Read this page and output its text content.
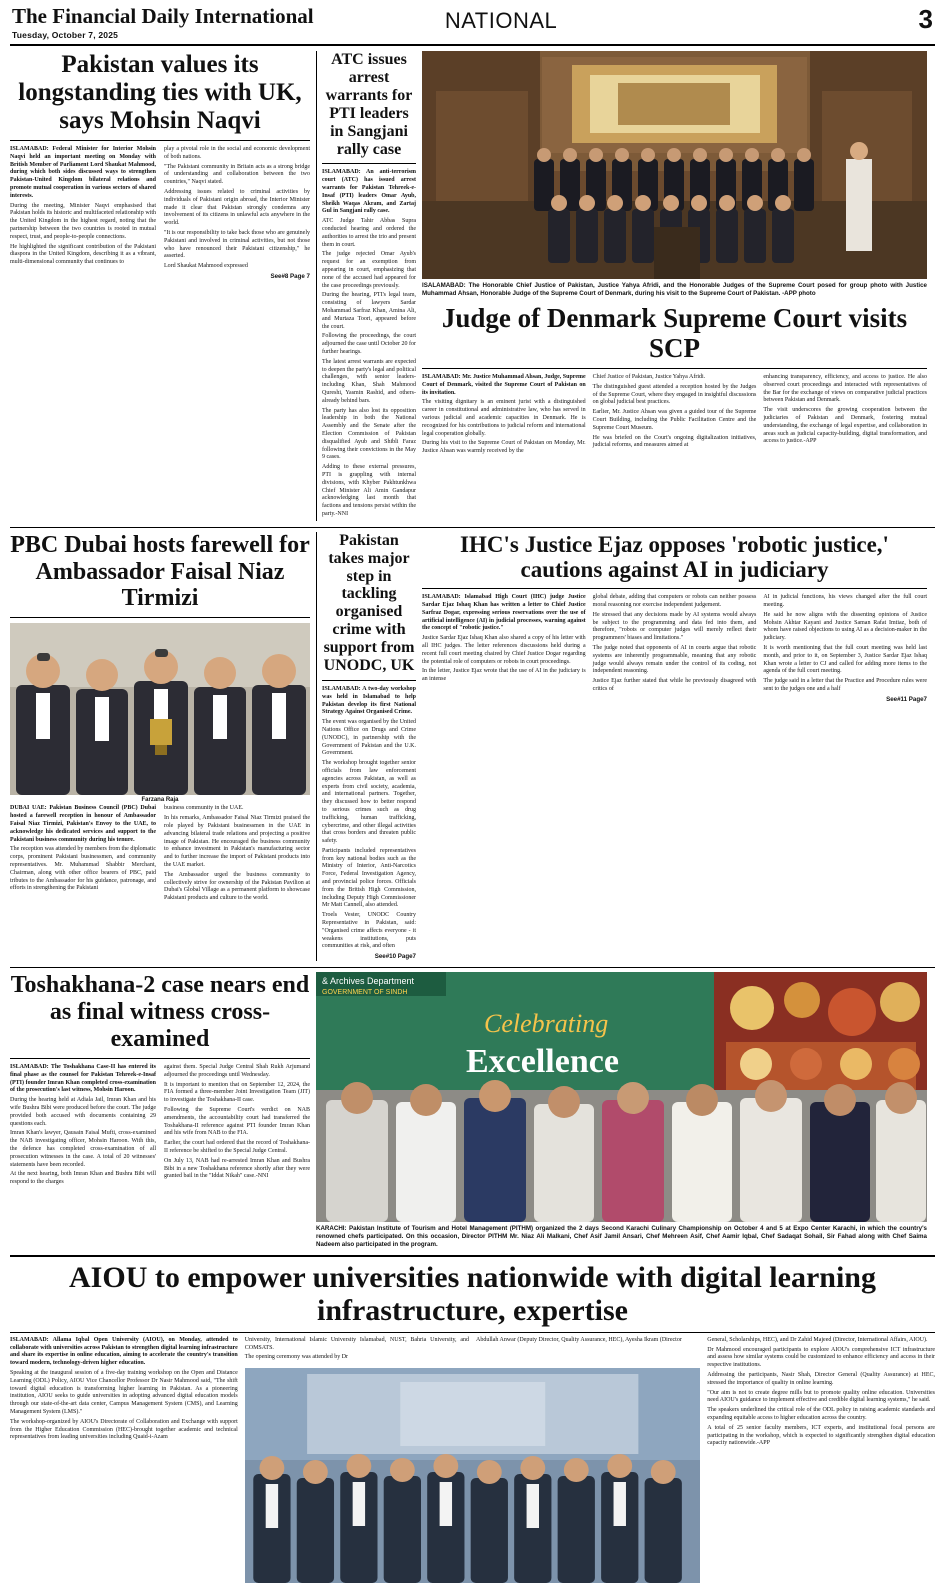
The Financial Daily International
Tuesday, October 7, 2025
NATIONAL	3
Pakistan values its longstanding ties with UK, says Mohsin Naqvi

ISLAMABAD: Federal Minister for Interior Mohsin Naqvi held an important meeting on Monday with British Member of Parliament Lord Shaukat Mahmood, during which both sides discussed ways to strengthen Pakistan-United Kingdom bilateral relations and promote mutual cooperation in various sectors of shared interests.

During the meeting, Minister Naqvi emphasised that Pakistan holds its historic and multifaceted relationship with the United Kingdom in the highest regard, noting that the partnership between the two countries is rooted in mutual respect, trust, and people-to-people connections.

He highlighted the significant contribution of the Pakistani diaspora in the United Kingdom, describing it as a vibrant, multi-dimensional community that continues to

play a pivotal role in the social and economic development of both nations.

"The Pakistani community in Britain acts as a strong bridge of understanding and collaboration between the two countries," Naqvi stated.

Addressing issues related to criminal activities by individuals of Pakistani origin abroad, the Interior Minister made it clear that Pakistan strongly condemns any involvement of its citizens in unlawful acts anywhere in the world.

"It is our responsibility to take back those who are genuinely Pakistani and involved in criminal activities, but not those who have renounced their Pakistani citizenship," he asserted.

Lord Shaukat Mahmood expressed

See#8 Page 7
ATC issues arrest warrants for PTI leaders in Sangjani rally case

ISLAMABAD: An anti-terrorism court (ATC) has issued arrest warrants for Pakistan Tehreek-e-Insaf (PTI) leaders Omar Ayub, Sheikh Waqas Akram, and Zartaj Gul in Sangjani rally case.

ATC Judge Tahir Abbas Supra conducted hearing and ordered the authorities to arrest the trio and present them in court.

The judge rejected Omar Ayub's request for an exemption from appearing in court, emphasizing that none of the accused had appeared for the case proceedings previously.

During the hearing, PTI's legal team, consisting of lawyers Sardar Mohammad Sarfraz Khan, Amina Ali, and Murtaza Toori, appeared before the court.

Following the proceedings, the court adjourned the case until October 20 for further hearings.

The latest arrest warrants are expected to deepen the party's legal and political challenges, with senior leaders-including Khan, Shah Mahmood Qureshi, Yasmin Rashid, and others-already behind bars.

The party has also lost its opposition leadership in both the National Assembly and the Senate after the Election Commission of Pakistan disqualified Ayub and Shibli Faraz following their convictions in the May 9 cases.

Adding to these external pressures, PTI is grappling with internal divisions, with Khyber Pakhtunkhwa Chief Minister Ali Amin Gandapur acknowledging last month that factions and tensions persist within the party.-NNI

ISALAMABAD: The Honorable Chief Justice of Pakistan, Justice Yahya Afridi, and the Honorable Judges of the Supreme Court posed for group photo with Justice Muhammad Ahsan, Honorable Judge of the Supreme Court of Denmark, during his visit to the Supreme Court of Pakistan. -APP photo
Judge of Denmark Supreme Court visits SCP

ISLAMABAD: Mr. Justice Muhammad Ahsan, Judge, Supreme Court of Denmark, visited the Supreme Court of Pakistan on its invitation.

The visiting dignitary is an eminent jurist with a distinguished career in constitutional and administrative law, who has served in various judicial and academic capacities in Denmark. He is recognized for his contributions to judicial reform and international legal cooperation globally.

During his visit to the Supreme Court of Pakistan on Monday, Mr. Justice Ahsan was warmly received by the

Chief Justice of Pakistan, Justice Yahya Afridi.

The distinguished guest attended a reception hosted by the Judges of the Supreme Court, where they engaged in insightful discussions on global judicial best practices.

Earlier, Mr. Justice Ahsan was given a guided tour of the Supreme Court Building, including the Public Facilitation Centre and the Supreme Court Museum.

He was briefed on the Court's ongoing digitalization initiatives, judicial reforms, and measures aimed at

enhancing transparency, efficiency, and access to justice. He also observed court proceedings and interacted with representatives of the Bar for the exchange of views on comparative judicial practices between Pakistan and Denmark.

The visit underscores the growing cooperation between the judiciaries of Pakistan and Denmark, fostering mutual understanding, the exchange of legal expertise, and collaboration in areas such as judicial capacity-building, digital transformation, and access to justice.-APP

PBC Dubai hosts farewell for Ambassador Faisal Niaz Tirmizi
Farzana Raja

DUBAI UAE: Pakistan Business Council (PBC) Dubai hosted a farewell reception in honour of Ambassador Faisal Niaz Tirmizi, Pakistan's Envoy to the UAE, to acknowledge his dedicated services and support to the Pakistani business community during his tenure.

The reception was attended by members from the diplomatic corps, prominent Pakistani businessmen, and community representatives. Mr. Muhammad Shabbir Merchant, Chairman, along with other office bearers of PBC, paid tributes to the Ambassador for his guidance, patronage, and efforts in strengthening the Pakistani

business community in the UAE.

In his remarks, Ambassador Faisal Niaz Tirmizi praised the role played by Pakistani businessmen in the UAE in advancing bilateral trade relations and projecting a positive image of Pakistan. He encouraged the business community to enhance investment in Pakistan's manufacturing sector and to further increase the import of Pakistani products into the UAE market.

The Ambassador urged the business community to collectively strive for ownership of the Pakistan Pavilion at Dubai's Global Village as a permanent platform to showcase Pakistani products and culture to the world.

Pakistan takes major step in tackling organised crime with support from UNODC, UK

ISLAMABAD: A two-day workshop was held in Islamabad to help Pakistan develop its first National Strategy Against Organised Crime.

The event was organised by the United Nations Office on Drugs and Crime (UNODC), in partnership with the Government of Pakistan and the U.K. Government.

The workshop brought together senior officials from law enforcement agencies across Pakistan, as well as experts from civil society, academia, and international partners. Together, they discussed how to better respond to serious crimes such as drug trafficking, human trafficking, cybercrime, and other illegal activities that cross borders and threaten public safety.

Participants included representatives from key national bodies such as the Ministry of Interior, Anti-Narcotics Force, Federal Investigation Agency, and provincial police forces. Officials from the British High Commission, including Deputy High Commissioner Mr Matt Cannell, also attended.

Troels Vester, UNODC Country Representative in Pakistan, said: "Organised crime affects everyone - it weakens institutions, puts communities at risk, and often

See#10 Page7
IHC's Justice Ejaz opposes 'robotic justice,' cautions against AI in judiciary

ISLAMABAD: Islamabad High Court (IHC) judge Justice Sardar Ejaz Ishaq Khan has written a letter to Chief Justice Sarfraz Dogar, expressing serious reservations over the use of artificial intelligence (AI) in judicial processes, warning against the concept of "robotic justice."

Justice Sardar Ejaz Ishaq Khan also shared a copy of his letter with all IHC judges. The letter references discussions held during a recent full court meeting chaired by Chief Justice Dogar regarding the potential role of computers or robots in court proceedings.

In the letter, Justice Ejaz wrote that the use of AI in the judiciary is an intense

global debate, adding that computers or robots can neither possess moral reasoning nor exercise independent judgement.

He stressed that any decisions made by AI systems would always be subject to the programming and data fed into them, and therefore, "robots or computer judges will merely reflect their programmers' biases and limitations."

The judge noted that opponents of AI in courts argue that robotic systems are inherently programmable, meaning that any robotic judge would always remain under the control of its coding, not independent reasoning.

Justice Ejaz further stated that while he previously disagreed with critics of

AI in judicial functions, his views changed after the full court meeting.

He said he now aligns with the dissenting opinions of Justice Mohsin Akhtar Kayani and Justice Saman Rafat Imtiaz, both of whom have raised objections to using AI as a decision-maker in the judiciary.

It is worth mentioning that the full court meeting was held last month, and prior to it, on September 3, Justice Sardar Ejaz Ishaq Khan wrote a letter to CJ and called for adding more items to the agenda of the full court meeting.

The judge said in a letter that the Practice and Procedure rules were sent to the judges one and a half

See#11 Page7
Toshakhana-2 case nears end as final witness cross-examined

ISLAMABAD: The Toshakhana Case-II has entered its final phase as the counsel for Pakistan Tehreek-e-Insaf (PTI) founder Imran Khan completed cross-examination of the prosecution's last witness, Mohsin Haroon.

During the hearing held at Adiala Jail, Imran Khan and his wife Bushra Bibi were produced before the court. The judge provided both accused with documents containing 29 questions each.

Imran Khan's lawyer, Qausain Faisal Mufti, cross-examined the NAB investigating officer, Mohsin Haroon. With this, the defence has completed cross-examination of all prosecution witnesses in the case. A total of 20 witnesses' statements have been recorded.

At the next hearing, both Imran Khan and Bushra Bibi will respond to the charges

against them. Special Judge Central Shah Rukh Arjumand adjourned the proceedings until Wednesday.

It is important to mention that on September 12, 2024, the FIA formed a three-member Joint Investigation Team (JIT) to investigate the Toshakhana-II case.

Following the Supreme Court's verdict on NAB amendments, the accountability court had transferred the Toshakhana-II reference against PTI founder Imran Khan and his wife from NAB to the FIA.

Earlier, the court had ordered that the record of Toshakhana-II reference be shifted to the Special Judge Central.

On July 13, NAB had re-arrested Imran Khan and Bushra Bibi in a new Toshakhana reference shortly after they were granted bail in the "Iddat Nikah" case.-NNI

& Archives Department
GOVERNMENT OF SINDH
Celebrating
Excellence
KARACHI: Pakistan Institute of Tourism and Hotel Management (PITHM) organized the 2 days Second Karachi Culinary Championship on October 4 and 5 at Expo Center Karachi, in which the country's renowned chefs participated. On this occasion, Director PITHM Mr. Niaz Ali Malkani, Chef Asif Jamil Ansari, Chef Mehreen Asif, Chef Aamir Iqbal, Chef Sadaqat Sohail, Sir Fahad along with Chef Saima Nadeem also participated in the program.
AIOU to empower universities nationwide with digital learning infrastructure, expertise

ISLAMABAD: Allama Iqbal Open University (AIOU), on Monday, attended to collaborate with universities across Pakistan to strengthen digital learning infrastructure and share its expertise in online education, aiming to accelerate the country's transition toward modern, technology-driven higher education.

Speaking at the inaugural session of a five-day training workshop on the Open and Distance Learning (ODL) Policy, AIOU Vice Chancellor Professor Dr Nasir Mahmood said, "The shift toward digital education is transforming higher learning in Pakistan. As a pioneering institution, AIOU seeks to guide universities in adopting advanced digital education models through our state-of-the-art data center, Campus Management System (CMS), and Learning Management System (LMS)."

The workshop-organized by AIOU's Directorate of Collaboration and Exchange with support from the Higher Education Commission (HEC)-brought together academic and technical representatives from leading universities including Quaid-i-Azam

University, International Islamic University Islamabad, NUST, Bahria University, and COMSATS.

The opening ceremony was attended by Dr

Abdullah Anwar (Deputy Director, Quality Assurance, HEC), Ayesha Ikram (Director	General, Scholarships, HEC), and Dr Zahid Majeed (Director, International Affairs, AIOU).

Dr Mahmood encouraged participants to explore AIOU's comprehensive ICT infrastructure and assess how similar systems could be customized to enhance efficiency and access in their respective institutions.

Addressing the participants, Nasir Shah, Director General (Quality Assurance) at HEC, stressed the importance of quality in online learning.

"Our aim is not to create degree mills but to promote quality online education. Universities need AIOU's guidance to implement effective and credible digital learning systems," he said.

The speakers underlined the critical role of the ODL policy in raising academic standards and expanding equitable access to higher education across the country.

A total of 25 senior faculty members, ICT experts, and institutional focal persons are participating in the workshop, which is expected to significantly strengthen digital education capacity nationwide.-APP
